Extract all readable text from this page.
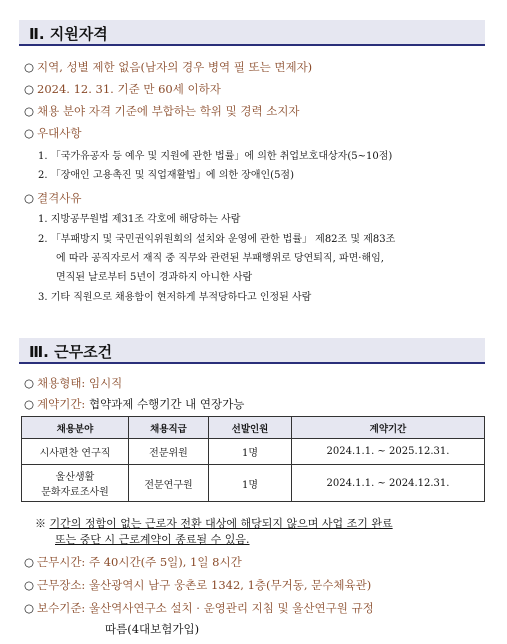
Ⅱ. 지원자격
○ 지역, 성별 제한 없음(남자의 경우 병역 필 또는 면제자)
○ 2024. 12. 31. 기준 만 60세 이하자
○ 채용 분야 자격 기준에 부합하는 학위 및 경력 소지자
○ 우대사항
1. 「국가유공자 등 예우 및 지원에 관한 법률」에 의한 취업보호대상자(5~10점)
2. 「장애인 고용촉진 및 직업재활법」에 의한 장애인(5점)
○ 결격사유
1. 지방공무원법 제31조 각호에 해당하는 사람
2. 「부패방지 및 국민권익위원회의 설치와 운영에 관한 법률」 제82조 및 제83조
에 따라 공직자로서 재직 중 직무와 관련된 부패행위로 당연퇴직, 파면·해임,
면직된 날로부터 5년이 경과하지 아니한 사람
3. 기타 직원으로 채용함이 현저하게 부적당하다고 인정된 사람
Ⅲ. 근무조건
○ 채용형태: 임시직
○ 계약기간: 협약과제 수행기간 내 연장가능
채용분야	채용직급	선발인원	계약기간
시사편찬 연구직	전문위원	1명	2024.1.1. ~ 2025.12.31.

울산생활
문화자료조사원	전문연구원	1명	2024.1.1. ~ 2024.12.31.
※ 기간의 정함이 없는 근로자 전환 대상에 해당되지 않으며 사업 조기 완료
또는 중단 시 근로계약이 종료될 수 있음.
○ 근무시간: 주 40시간(주 5일), 1일 8시간
○ 근무장소: 울산광역시 남구 웅촌로 1342, 1층(무거동, 문수체육관)
○ 보수기준: 울산역사연구소 설치 · 운영관리 지침 및 울산연구원 규정
따름(4대보험가입)
